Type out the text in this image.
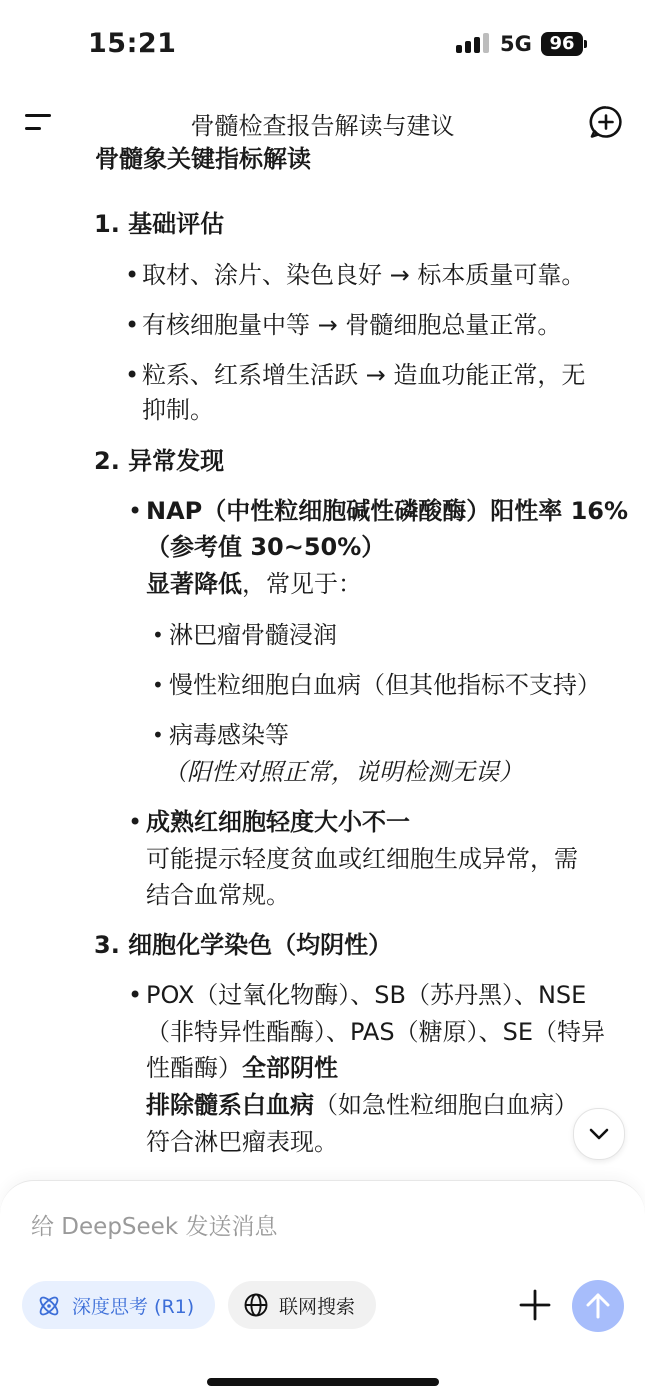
15:21	5G 96
骨髓检查报告解读与建议
骨髓象关键指标解读
1. 基础评估
• 取材、涂片、染色良好 → 标本质量可靠。
• 有核细胞量中等 → 骨髓细胞总量正常。
• 粒系、红系增生活跃 → 造血功能正常，无
抑制。
2. 异常发现
• NAP（中性粒细胞碱性磷酸酶）阳性率 16%
（参考值 30~50%）
显著降低，常见于：
• 淋巴瘤骨髓浸润
• 慢性粒细胞白血病（但其他指标不支持）
• 病毒感染等
（阳性对照正常，说明检测无误）
• 成熟红细胞轻度大小不一
可能提示轻度贫血或红细胞生成异常，需
结合血常规。
3. 细胞化学染色（均阴性）
• POX（过氧化物酶）、SB（苏丹黑）、NSE
（非特异性酯酶）、PAS（糖原）、SE（特异
性酯酶）全部阴性
排除髓系白血病（如急性粒细胞白血病）
符合淋巴瘤表现。
给 DeepSeek 发送消息
深度思考 (R1)	联网搜索
